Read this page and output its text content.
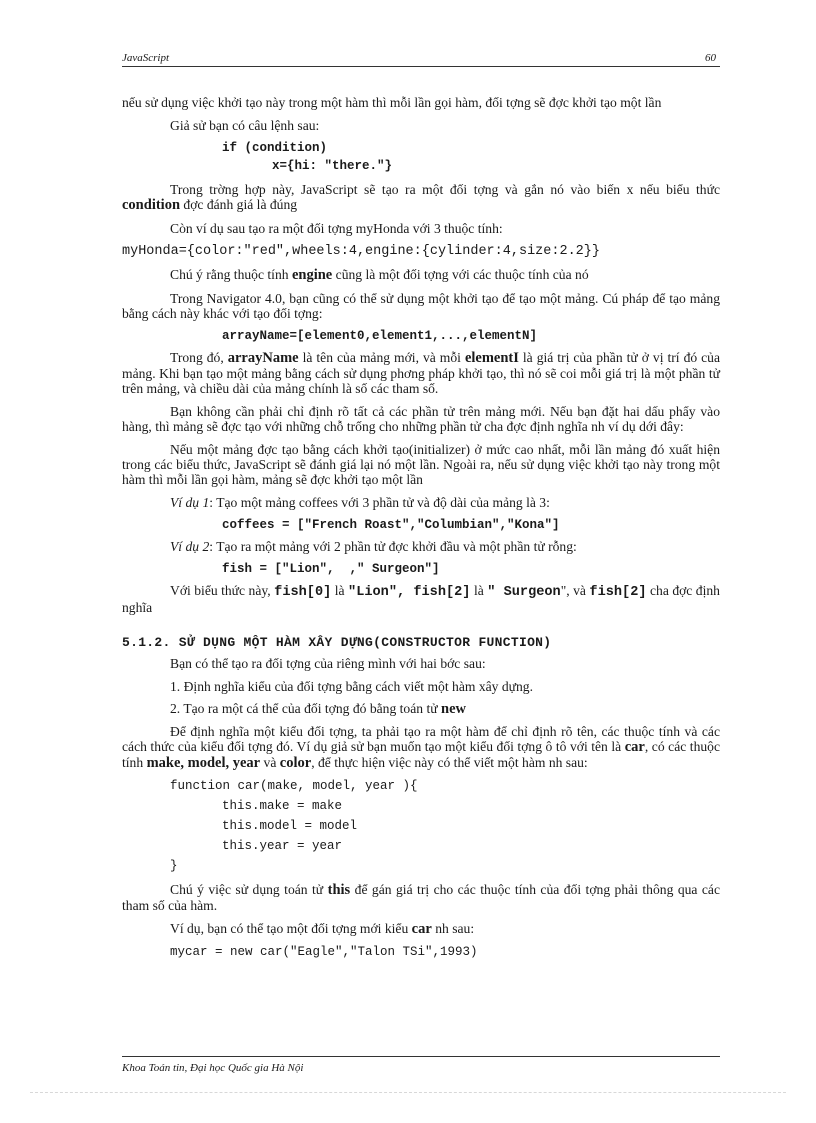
JavaScript	60

nếu sử dụng việc khởi tạo này trong một hàm thì mỗi lần gọi hàm, đối tợng sẽ đợc khởi tạo một lần

Giả sử bạn có câu lệnh sau:

if (condition)
x={hi: "there."}

Trong trờng hợp này, JavaScript sẽ tạo ra một đối tợng và gắn nó vào biến x nếu biểu thức condition đợc đánh giá là đúng

Còn ví dụ sau tạo ra một đối tợng myHonda với 3 thuộc tính:

myHonda={color:"red",wheels:4,engine:{cylinder:4,size:2.2}}

Chú ý rằng thuộc tính engine cũng là một đối tợng với các thuộc tính của nó

Trong Navigator 4.0, bạn cũng có thể sử dụng một khởi tạo để tạo một mảng. Cú pháp để tạo mảng bằng cách này khác với tạo đối tợng:

arrayName=[element0,element1,...,elementN]

Trong đó, arrayName là tên của mảng mới, và mỗi elementI là giá trị của phần tử ở vị trí đó của mảng. Khi bạn tạo một mảng bằng cách sử dụng phơng pháp khởi tạo, thì nó sẽ coi mỗi giá trị là một phần tử trên mảng, và chiều dài của mảng chính là số các tham số.

Bạn không cần phải chỉ định rõ tất cả các phần tử trên mảng mới. Nếu bạn đặt hai dấu phẩy vào hàng, thì mảng sẽ đợc tạo với những chỗ trống cho những phần tử cha đợc định nghĩa nh ví dụ dới đây:

Nếu một mảng đợc tạo bằng cách khởi tạo(initializer) ở mức cao nhất, mỗi lần mảng đó xuất hiện trong các biểu thức, JavaScript sẽ đánh giá lại nó một lần. Ngoài ra, nếu sử dụng việc khởi tạo này trong một hàm thì mỗi lần gọi hàm, mảng sẽ đợc khởi tạo một lần

Ví dụ 1: Tạo một mảng coffees với 3 phần tử và độ dài của mảng là 3:

coffees = ["French Roast","Columbian","Kona"]

Ví dụ 2: Tạo ra một mảng với 2 phần tử đợc khởi đầu và một phần tử rỗng:

fish = ["Lion",  ," Surgeon"]

Với biểu thức này, fish[0] là "Lion", fish[2] là " Surgeon", và fish[2] cha đợc định nghĩa

5.1.2. SỬ DỤNG MỘT HÀM XÂY DỰNG(CONSTRUCTOR FUNCTION)

Bạn có thể tạo ra đối tợng của riêng mình với hai bớc sau:

1. Định nghĩa kiểu của đối tợng bằng cách viết một hàm xây dựng.
2. Tạo ra một cá thể của đối tợng đó bằng toán tử new

Để định nghĩa một kiểu đối tợng, ta phải tạo ra một hàm để chỉ định rõ tên, các thuộc tính và các cách thức của kiểu đối tợng đó. Ví dụ giả sử bạn muốn tạo một kiểu đối tợng ô tô với tên là car, có các thuộc tính make, model, year và color, để thực hiện việc này có thể viết một hàm nh sau:

function car(make, model, year ){
this.make = make
this.model = model
this.year = year
}

Chú ý việc sử dụng toán tử this để gán giá trị cho các thuộc tính của đối tợng phải thông qua các tham số của hàm.

Ví dụ, bạn có thể tạo một đối tợng mới kiểu car nh sau:

mycar = new car("Eagle","Talon TSi",1993)
Khoa Toán tin, Đại học Quốc gia Hà Nội
